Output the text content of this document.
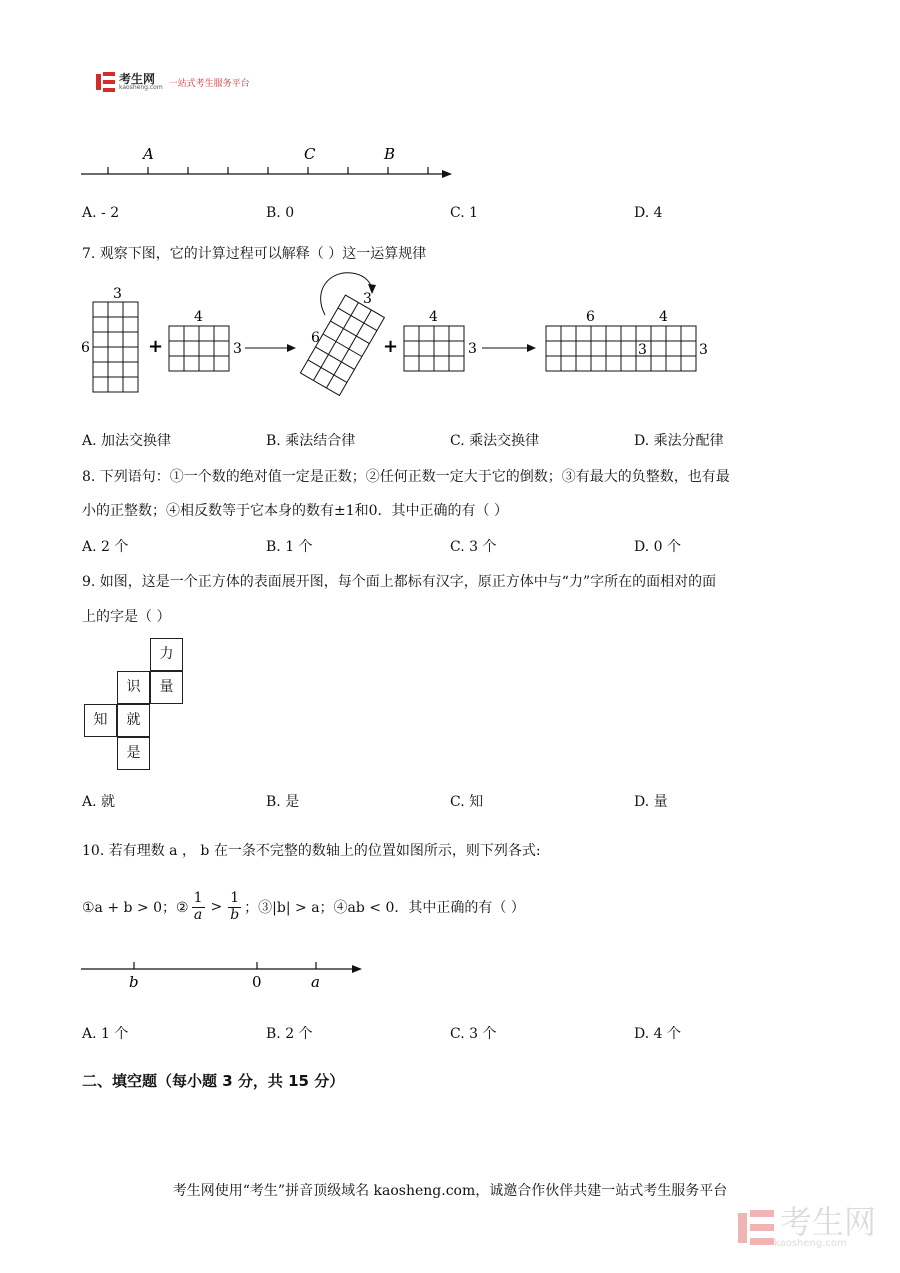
考生网
kaosheng.com 一站式考生服务平台
A	C	B
A. - 2	B. 0	C. 1	D. 4
7. 观察下图，它的计算过程可以解释（ ）这一运算规律
3
6	+
4
3
3
6	+
4
3
6	4
3	3
A. 加法交换律	B. 乘法结合律	C. 乘法交换律	D. 乘法分配律
8. 下列语句：①一个数的绝对值一定是正数；②任何正数一定大于它的倒数；③有最大的负整数，也有最
小的正整数；④相反数等于它本身的数有±1和0．其中正确的有（ ）
A. 2 个	B. 1 个	C. 3 个	D. 0 个
9. 如图，这是一个正方体的表面展开图，每个面上都标有汉字，原正方体中与“力”字所在的面相对的面
上的字是（ ）
力
识	量
知	就
是
A. 就	B. 是	C. 知	D. 量
10. 若有理数 a ， b 在一条不完整的数轴上的位置如图所示，则下列各式:
①a + b > 0；② $\frac{1}{a} > \frac{1}{b}$ ；③|b| > a；④ab < 0．其中正确的有（ ）
b	0	a
A. 1 个	B. 2 个	C. 3 个	D. 4 个
二、填空题（每小题 3 分，共 15 分）
考生网使用“考生”拼音顶级域名 kaosheng.com，诚邀合作伙伴共建一站式考生服务平台
考生网
kaosheng.com
